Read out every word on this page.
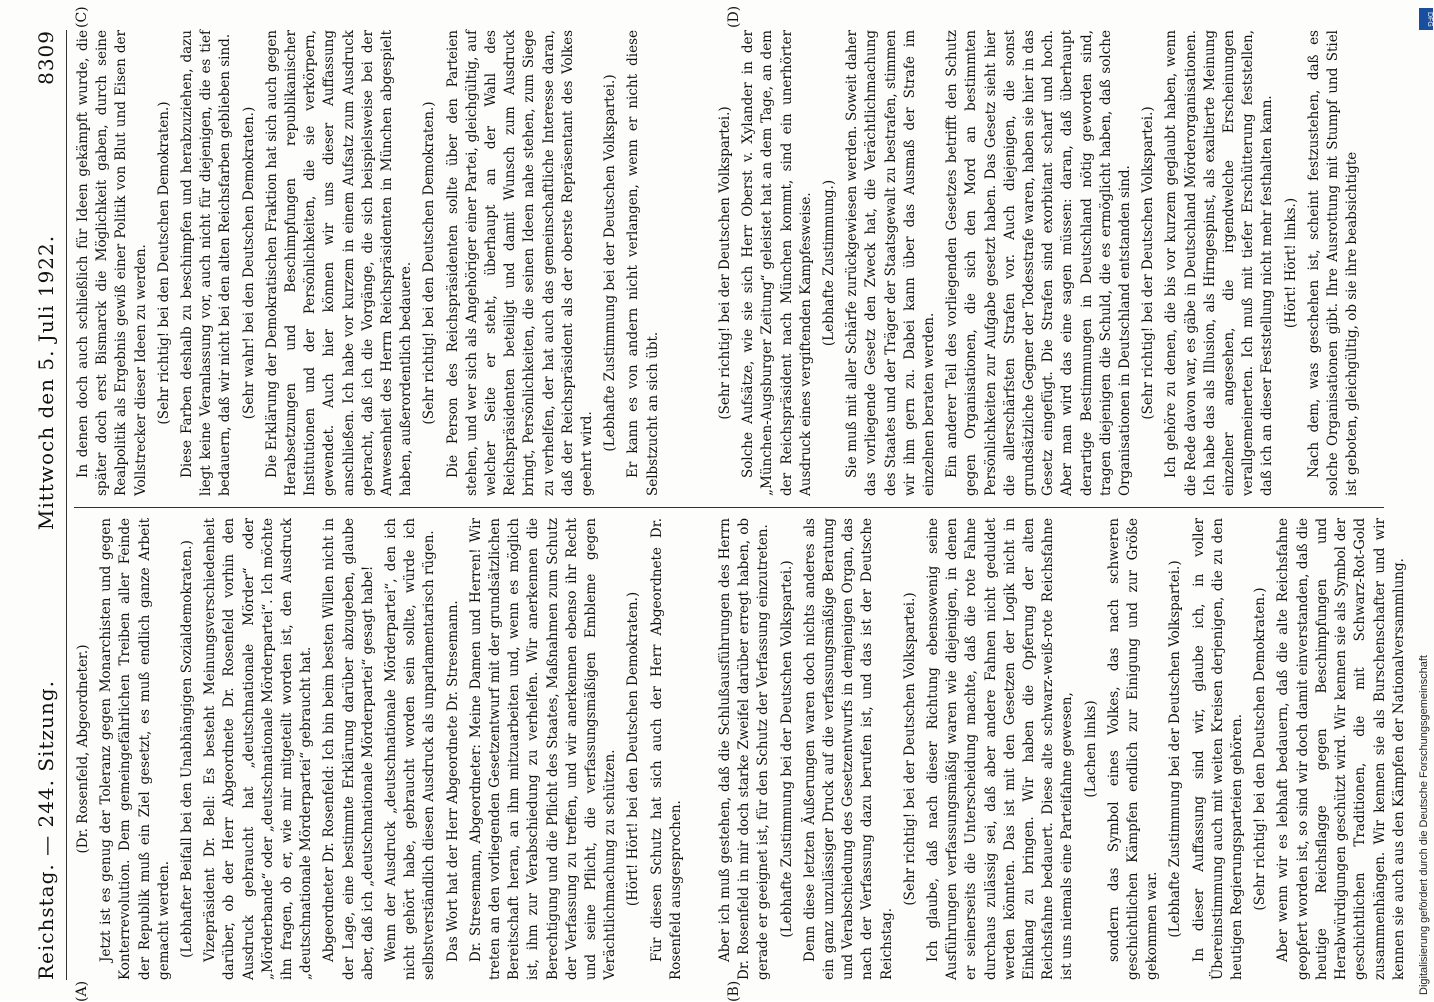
Reichstag. — 244. Sitzung.
Mittwoch den 5. Juli 1922.
8309

(Dr. Rosenfeld, Abgeordneter.) Jetzt ist es genug der Toleranz gegen Monarchisten und gegen Konterrevolution. Dem gemeingefährlichen Treiben aller Feinde der Republik muß ein Ziel gesetzt, es muß endlich ganze Arbeit gemacht werden. (Lebhafter Beifall bei den Unabhängigen Sozialdemokraten.) Vizepräsident Dr. Bell: Es besteht Meinungsverschiedenheit darüber, ob der Herr Abgeordnete Dr. Rosenfeld vorhin den Ausdruck gebraucht hat „deutschnationale Mörder“ oder „Mörderbande“ oder „deutschnationale Mörderpartei“. Ich möchte ihn fragen, ob er, wie mir mitgeteilt worden ist, den Ausdruck „deutschnationale Mörderpartei“ gebraucht hat. Abgeordneter Dr. Rosenfeld: Ich bin beim besten Willen nicht in der Lage, eine bestimmte Erklärung darüber abzugeben, glaube aber, daß ich „deutschnationale Mörderpartei“ gesagt habe! Wenn der Ausdruck „deutschnationale Mörderpartei“, den ich nicht gehört habe, gebraucht worden sein sollte, würde ich selbstverständlich diesen Ausdruck als unparlamentarisch rügen. Das Wort hat der Herr Abgeordnete Dr. Stresemann. Dr. Stresemann, Abgeordneter: Meine Damen und Herren! Wir treten an den vorliegenden Gesetzentwurf mit der grundsätzlichen Bereitschaft heran, an ihm mitzuarbeiten und, wenn es möglich ist, ihm zur Verabschiedung zu verhelfen. Wir anerkennen die Berechtigung und die Pflicht des Staates, Maßnahmen zum Schutz der Verfassung zu treffen, und wir anerkennen ebenso ihr Recht und seine Pflicht, die verfassungsmäßigen Embleme gegen Verächtlichmachung zu schützen. (Hört! Hört! bei den Deutschen Demokraten.) Für diesen Schutz hat sich auch der Herr Abgeordnete Dr. Rosenfeld ausgesprochen.

In denen doch auch schließlich für Ideen gekämpft wurde, die später doch erst Bismarck die Möglichkeit gaben, durch seine Realpolitik als Ergebnis gewiß einer Politik von Blut und Eisen der Vollstrecker dieser Ideen zu werden. (Sehr richtig! bei den Deutschen Demokraten.) Diese Farben deshalb zu beschimpfen und herabzuziehen, dazu liegt keine Veranlassung vor, auch nicht für diejenigen, die es tief bedauern, daß wir nicht bei den alten Reichsfarben geblieben sind. (Sehr wahr! bei den Deutschen Demokraten.) Die Erklärung der Demokratischen Fraktion hat sich auch gegen Herabsetzungen und Beschimpfungen republikanischer Institutionen und der Persönlichkeiten, die sie verkörpern, gewendet. Auch hier können wir uns dieser Auffassung anschließen. Ich habe vor kurzem in einem Aufsatz zum Ausdruck gebracht, daß ich die Vorgänge, die sich beispielsweise bei der Anwesenheit des Herrn Reichspräsidenten in München abgespielt haben, außerordentlich bedauere. (Sehr richtig! bei den Deutschen Demokraten.) Die Person des Reichspräsidenten sollte über den Parteien stehen, und wer sich als Angehöriger einer Partei, gleichgültig, auf welcher Seite er steht, überhaupt an der Wahl des Reichspräsidenten beteiligt und damit Wunsch zum Ausdruck bringt, Persönlichkeiten, die seinen Ideen nahe stehen, zum Siege zu verhelfen, der hat auch das gemeinschaftliche Interesse daran, daß der Reichspräsident als der oberste Repräsentant des Volkes geehrt wird.

(Lebhafte Zustimmung bei der Deutschen Volkspartei.) Er kann es von andern nicht verlangen, wenn er nicht diese Selbstzucht an sich übt.

Aber ich muß gestehen, daß die Schlußausführungen des Herrn Dr. Rosenfeld in mir doch starke Zweifel darüber erregt haben, ob gerade er geeignet ist, für den Schutz der Verfassung einzutreten. (Lebhafte Zustimmung bei der Deutschen Volkspartei.) Denn diese letzten Äußerungen waren doch nichts anderes als ein ganz unzulässiger Druck auf die verfassungsmäßige Beratung und Verabschiedung des Gesetzentwurfs in demjenigen Organ, das nach der Verfassung dazu berufen ist, und das ist der Deutsche Reichstag.

(Sehr richtig! bei der Deutschen Volkspartei.) Ich glaube, daß nach dieser Richtung ebensowenig seine Ausführungen verfassungsmäßig waren wie diejenigen, in denen er seinerseits die Unterscheidung machte, daß die rote Fahne durchaus zulässig sei, daß aber andere Fahnen nicht geduldet werden könnten. Das ist mit den Gesetzen der Logik nicht in Einklang zu bringen. Wir haben die Opferung der alten Reichsfahne bedauert. Diese alte schwarz-weiß-rote Reichsfahne ist uns niemals eine Parteifahne gewesen, (Lachen links) sondern das Symbol eines Volkes, das nach schweren geschichtlichen Kämpfen endlich zur Einigung und zur Größe gekommen war. (Lebhafte Zustimmung bei der Deutschen Volkspartei.) In dieser Auffassung sind wir, glaube ich, in voller Übereinstimmung auch mit weiten Kreisen derjenigen, die zu den heutigen Regierungsparteien gehören. (Sehr richtig! bei den Deutschen Demokraten.) Aber wenn wir es lebhaft bedauern, daß die alte Reichsfahne geopfert worden ist, so sind wir doch damit einverstanden, daß die heutige Reichsflagge gegen Beschimpfungen und Herabwürdigungen geschützt wird. Wir kennen sie als Symbol der geschichtlichen Traditionen, die mit Schwarz-Rot-Gold zusammenhängen. Wir kennen sie als Burschenschafter und wir kennen sie auch aus den Kämpfen der Nationalversammlung.

(Sehr richtig! bei der Deutschen Volkspartei.) Solche Aufsätze, wie sie sich Herr Oberst v. Xylander in der „München-Augsburger Zeitung“ geleistet hat an dem Tage, an dem der Reichspräsident nach München kommt, sind ein unerhörter Ausdruck eines vergiftenden Kampfesweise. (Lebhafte Zustimmung.) Sie muß mit aller Schärfe zurückgewiesen werden. Soweit daher das vorliegende Gesetz den Zweck hat, die Verächtlichmachung des Staates und der Träger der Staatsgewalt zu bestrafen, stimmen wir ihm gern zu. Dabei kann über das Ausmaß der Strafe im einzelnen beraten werden. Ein anderer Teil des vorliegenden Gesetzes betrifft den Schutz gegen Organisationen, die sich den Mord an bestimmten Persönlichkeiten zur Aufgabe gesetzt haben. Das Gesetz sieht hier die allerschärfsten Strafen vor. Auch diejenigen, die sonst grundsätzliche Gegner der Todesstrafe waren, haben sie hier in das Gesetz eingefügt. Die Strafen sind exorbitant scharf und hoch. Aber man wird das eine sagen müssen: daran, daß überhaupt derartige Bestimmungen in Deutschland nötig geworden sind, tragen diejenigen die Schuld, die es ermöglicht haben, daß solche Organisationen in Deutschland entstanden sind. (Sehr richtig! bei der Deutschen Volkspartei.) Ich gehöre zu denen, die bis vor kurzem geglaubt haben, wenn die Rede davon war, es gäbe in Deutschland Mörderorganisationen. Ich habe das als Illusion, als Hirngespinst, als exaltierte Meinung einzelner angesehen, die irgendwelche Erscheinungen verallgemeinerten. Ich muß mit tiefer Erschütterung feststellen, daß ich an dieser Feststellung nicht mehr festhalten kann. (Hört! Hört! links.) Nach dem, was geschehen ist, scheint festzustehen, daß es solche Organisationen gibt. Ihre Ausrottung mit Stumpf und Stiel ist geboten, gleichgültig, ob sie ihre beabsichtigte

(A)	(B)
(C)	(D)
Digitalisierung gefördert durch die Deutsche Forschungsgemeinschaft
DFG
